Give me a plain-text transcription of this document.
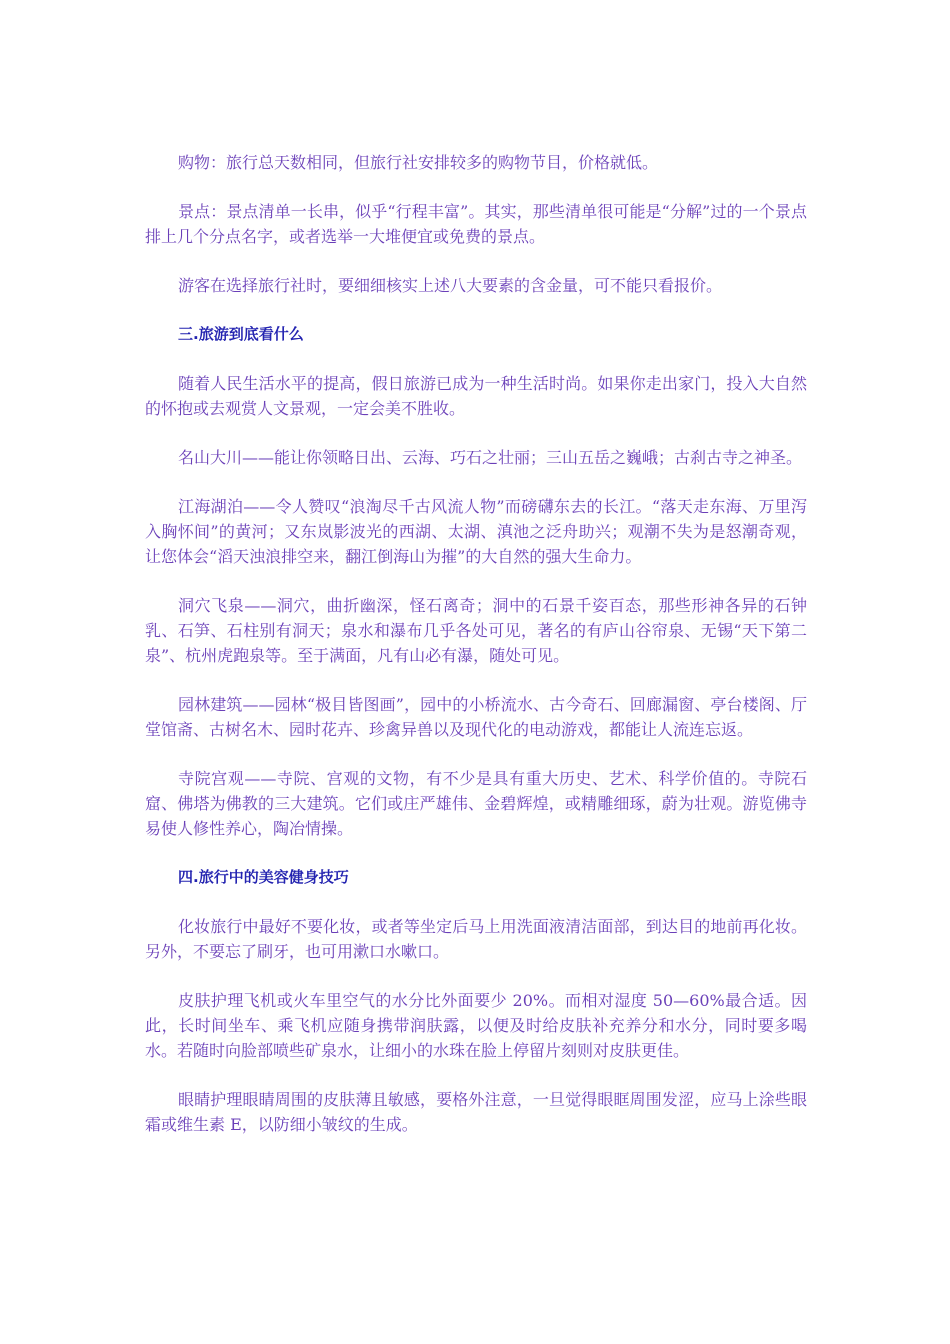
购物：旅行总天数相同，但旅行社安排较多的购物节目，价格就低。

景点：景点清单一长串，似乎“行程丰富”。其实，那些清单很可能是“分解”过的一个景点排上几个分点名字，或者选举一大堆便宜或免费的景点。

游客在选择旅行社时，要细细核实上述八大要素的含金量，可不能只看报价。

三.旅游到底看什么

随着人民生活水平的提高，假日旅游已成为一种生活时尚。如果你走出家门，投入大自然的怀抱或去观赏人文景观，一定会美不胜收。

名山大川——能让你领略日出、云海、巧石之壮丽；三山五岳之巍峨；古刹古寺之神圣。

江海湖泊——令人赞叹“浪淘尽千古风流人物”而磅礴东去的长江。“落天走东海、万里泻入胸怀间”的黄河；又东岚影波光的西湖、太湖、滇池之泛舟助兴；观潮不失为是怒潮奇观，让您体会“滔天浊浪排空来，翻江倒海山为摧”的大自然的强大生命力。

洞穴飞泉——洞穴，曲折幽深，怪石离奇；洞中的石景千姿百态，那些形神各异的石钟乳、石笋、石柱别有洞天；泉水和瀑布几乎各处可见，著名的有庐山谷帘泉、无锡“天下第二泉”、杭州虎跑泉等。至于满面，凡有山必有瀑，随处可见。

园林建筑——园林“极目皆图画”，园中的小桥流水、古今奇石、回廊漏窗、亭台楼阁、厅堂馆斋、古树名木、园时花卉、珍禽异兽以及现代化的电动游戏，都能让人流连忘返。

寺院宫观——寺院、宫观的文物，有不少是具有重大历史、艺术、科学价值的。寺院石窟、佛塔为佛教的三大建筑。它们或庄严雄伟、金碧辉煌，或精雕细琢，蔚为壮观。游览佛寺易使人修性养心，陶冶情操。

四.旅行中的美容健身技巧

化妆旅行中最好不要化妆，或者等坐定后马上用洗面液清洁面部，到达目的地前再化妆。另外，不要忘了刷牙，也可用漱口水嗽口。

皮肤护理飞机或火车里空气的水分比外面要少 20%。而相对湿度 50—60%最合适。因此，长时间坐车、乘飞机应随身携带润肤露，以便及时给皮肤补充养分和水分，同时要多喝水。若随时向脸部喷些矿泉水，让细小的水珠在脸上停留片刻则对皮肤更佳。

眼睛护理眼睛周围的皮肤薄且敏感，要格外注意，一旦觉得眼眶周围发涩，应马上涂些眼霜或维生素 E，以防细小皱纹的生成。
